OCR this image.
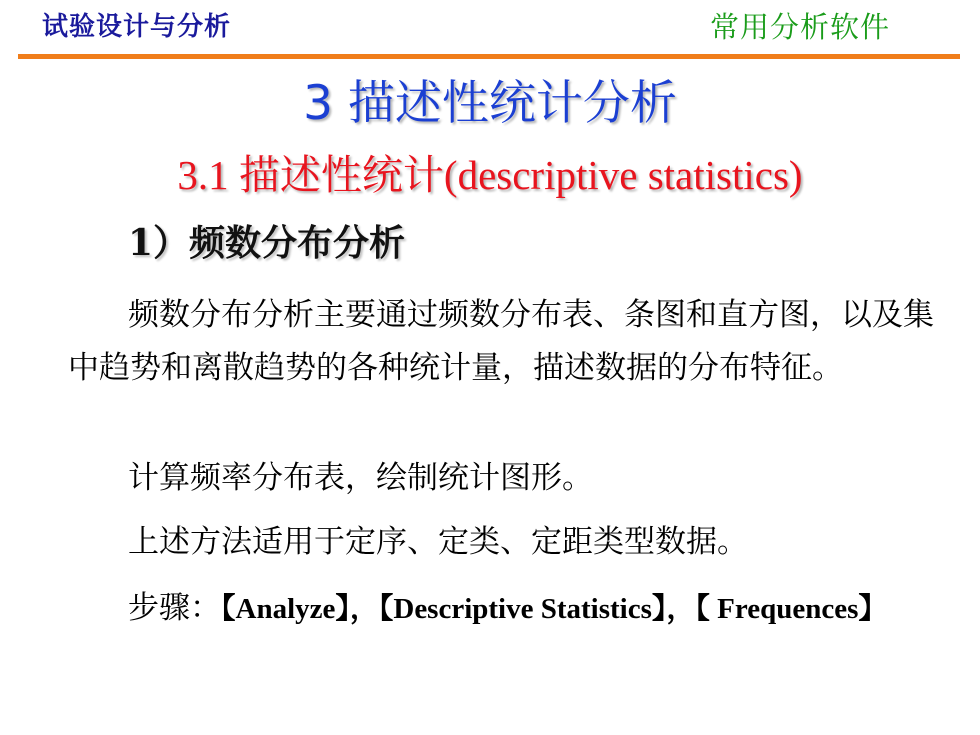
试验设计与分析	常用分析软件
3 描述性统计分析
3.1 描述性统计(descriptive statistics)
1）频数分布分析

频数分布分析主要通过频数分布表、条图和直方图，以及集中趋势和离散趋势的各种统计量，描述数据的分布特征。

计算频率分布表，绘制统计图形。

上述方法适用于定序、定类、定距类型数据。

步骤：【Analyze】，【Descriptive Statistics】，【 Frequences】
